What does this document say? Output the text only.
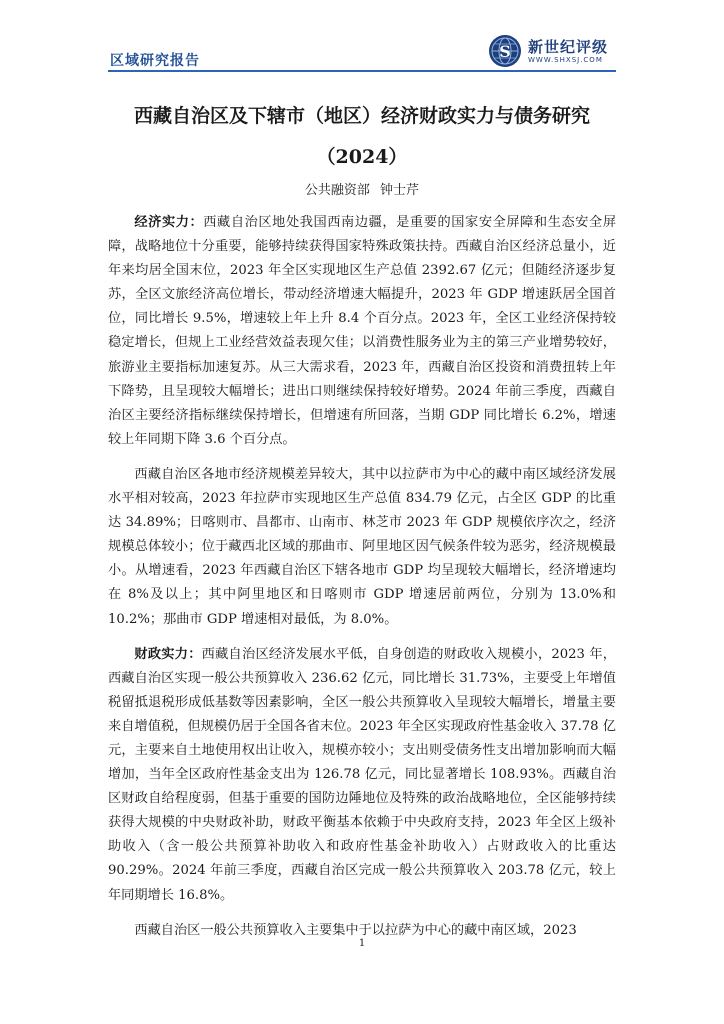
区域研究报告	S 新世纪评级
WWW.SHXSJ.COM
西藏自治区及下辖市（地区）经济财政实力与债务研究
（2024）
公共融资部 钟士芹

经济实力：西藏自治区地处我国西南边疆，是重要的国家安全屏障和生态安全屏障，战略地位十分重要，能够持续获得国家特殊政策扶持。西藏自治区经济总量小，近年来均居全国末位，2023 年全区实现地区生产总值 2392.67 亿元；但随经济逐步复苏，全区文旅经济高位增长，带动经济增速大幅提升，2023 年 GDP 增速跃居全国首位，同比增长 9.5%，增速较上年上升 8.4 个百分点。2023 年，全区工业经济保持较稳定增长，但规上工业经营效益表现欠佳；以消费性服务业为主的第三产业增势较好，旅游业主要指标加速复苏。从三大需求看，2023 年，西藏自治区投资和消费扭转上年下降势，且呈现较大幅增长；进出口则继续保持较好增势。2024 年前三季度，西藏自治区主要经济指标继续保持增长，但增速有所回落，当期 GDP 同比增长 6.2%，增速较上年同期下降 3.6 个百分点。

西藏自治区各地市经济规模差异较大，其中以拉萨市为中心的藏中南区域经济发展水平相对较高，2023 年拉萨市实现地区生产总值 834.79 亿元，占全区 GDP 的比重达 34.89%；日喀则市、昌都市、山南市、林芝市 2023 年 GDP 规模依序次之，经济规模总体较小；位于藏西北区域的那曲市、阿里地区因气候条件较为恶劣，经济规模最小。从增速看，2023 年西藏自治区下辖各地市 GDP 均呈现较大幅增长，经济增速均在 8%及以上；其中阿里地区和日喀则市 GDP 增速居前两位，分别为 13.0%和 10.2%；那曲市 GDP 增速相对最低，为 8.0%。

财政实力：西藏自治区经济发展水平低，自身创造的财政收入规模小，2023 年，西藏自治区实现一般公共预算收入 236.62 亿元，同比增长 31.73%，主要受上年增值税留抵退税形成低基数等因素影响，全区一般公共预算收入呈现较大幅增长，增量主要来自增值税，但规模仍居于全国各省末位。2023 年全区实现政府性基金收入 37.78 亿元，主要来自土地使用权出让收入，规模亦较小；支出则受债务性支出增加影响而大幅增加，当年全区政府性基金支出为 126.78 亿元，同比显著增长 108.93%。西藏自治区财政自给程度弱，但基于重要的国防边陲地位及特殊的政治战略地位，全区能够持续获得大规模的中央财政补助，财政平衡基本依赖于中央政府支持，2023 年全区上级补助收入（含一般公共预算补助收入和政府性基金补助收入）占财政收入的比重达 90.29%。2024 年前三季度，西藏自治区完成一般公共预算收入 203.78 亿元，较上年同期增长 16.8%。

西藏自治区一般公共预算收入主要集中于以拉萨为中心的藏中南区域，2023

1
